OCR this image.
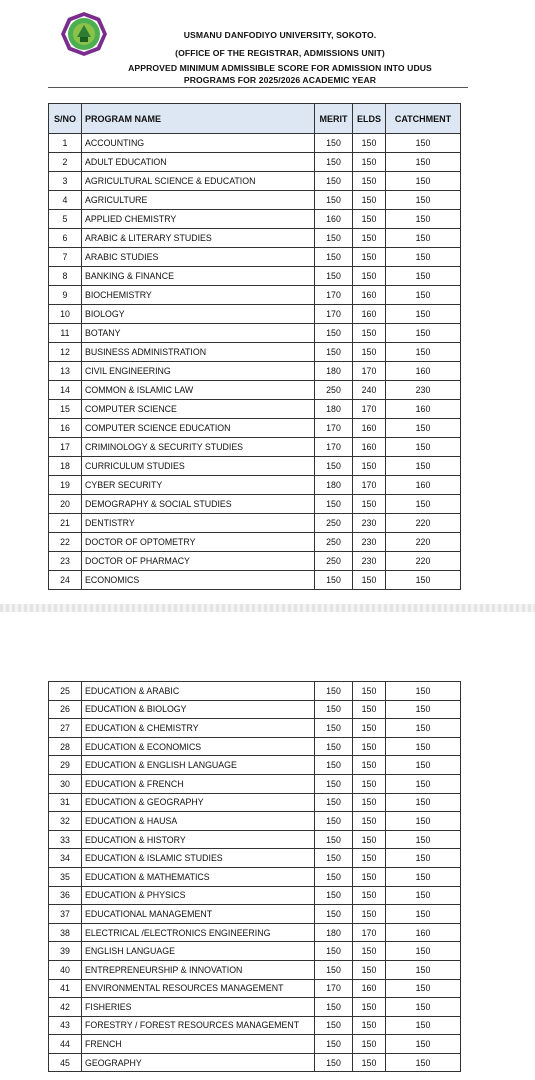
USMANU DANFODIYO UNIVERSITY, SOKOTO.
(OFFICE OF THE REGISTRAR, ADMISSIONS UNIT)
APPROVED MINIMUM ADMISSIBLE SCORE FOR ADMISSION INTO UDUS
PROGRAMS FOR 2025/2026 ACADEMIC YEAR
S/NO	PROGRAM NAME	MERIT	ELDS	CATCHMENT
1	ACCOUNTING	150	150	150
2	ADULT EDUCATION	150	150	150
3	AGRICULTURAL SCIENCE & EDUCATION	150	150	150
4	AGRICULTURE	150	150	150
5	APPLIED CHEMISTRY	160	150	150
6	ARABIC & LITERARY STUDIES	150	150	150
7	ARABIC STUDIES	150	150	150
8	BANKING & FINANCE	150	150	150
9	BIOCHEMISTRY	170	160	150
10	BIOLOGY	170	160	150
11	BOTANY	150	150	150
12	BUSINESS ADMINISTRATION	150	150	150
13	CIVIL ENGINEERING	180	170	160
14	COMMON & ISLAMIC LAW	250	240	230
15	COMPUTER SCIENCE	180	170	160
16	COMPUTER SCIENCE EDUCATION	170	160	150
17	CRIMINOLOGY & SECURITY STUDIES	170	160	150
18	CURRICULUM STUDIES	150	150	150
19	CYBER SECURITY	180	170	160
20	DEMOGRAPHY & SOCIAL STUDIES	150	150	150
21	DENTISTRY	250	230	220
22	DOCTOR OF OPTOMETRY	250	230	220
23	DOCTOR OF PHARMACY	250	230	220
24	ECONOMICS	150	150	150
25	EDUCATION & ARABIC	150	150	150
26	EDUCATION & BIOLOGY	150	150	150
27	EDUCATION & CHEMISTRY	150	150	150
28	EDUCATION & ECONOMICS	150	150	150
29	EDUCATION & ENGLISH LANGUAGE	150	150	150
30	EDUCATION & FRENCH	150	150	150
31	EDUCATION & GEOGRAPHY	150	150	150
32	EDUCATION & HAUSA	150	150	150
33	EDUCATION & HISTORY	150	150	150
34	EDUCATION & ISLAMIC STUDIES	150	150	150
35	EDUCATION & MATHEMATICS	150	150	150
36	EDUCATION & PHYSICS	150	150	150
37	EDUCATIONAL MANAGEMENT	150	150	150
38	ELECTRICAL /ELECTRONICS ENGINEERING	180	170	160
39	ENGLISH LANGUAGE	150	150	150
40	ENTREPRENEURSHIP & INNOVATION	150	150	150
41	ENVIRONMENTAL RESOURCES MANAGEMENT	170	160	150
42	FISHERIES	150	150	150
43	FORESTRY / FOREST RESOURCES MANAGEMENT	150	150	150
44	FRENCH	150	150	150
45	GEOGRAPHY	150	150	150
